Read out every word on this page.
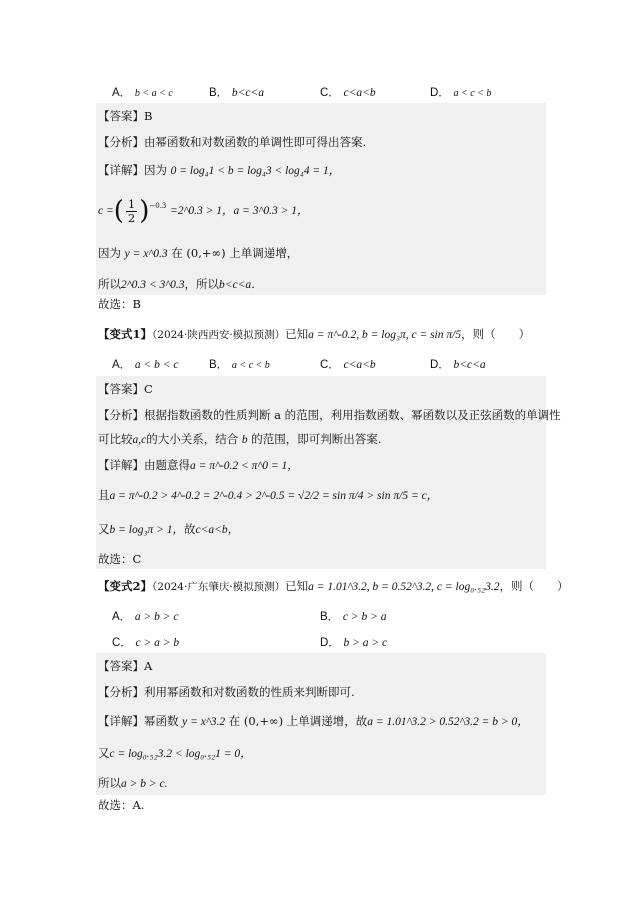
A． b < a < c	B． b<c<a	C． c<a<b	D． a < c < b
【答案】B
【分析】由幂函数和对数函数的单调性即可得出答案.
【详解】因为 0 = log₄1 < b = log₄3 < log₄4 = 1，
c =( $\frac{1}{2} )^{-0.3}$ =2^0.3 > 1，a = 3^0.3 > 1，
因为 y = x^0.3 在 (0,+∞) 上单调递增，
所以2^0.3 < 3^0.3，所以b<c<a．
故选：B
【变式1】（2024·陕西西安·模拟预测）已知a = π^-0.2, b = log₃π, c = sin π/5，则（　　）
A． a < b < c	B． a < c < b	C． c<a<b	D． b<c<a
【答案】C
【分析】根据指数函数的性质判断 a 的范围，利用指数函数、幂函数以及正弦函数的单调性
可比较a,c的大小关系，结合 b 的范围，即可判断出答案.
【详解】由题意得a = π^-0.2 < π^0 = 1，
且a = π^-0.2 > 4^-0.2 = 2^-0.4 > 2^-0.5 = √2/2 = sin π/4 > sin π/5 = c，
又b = log₃π > 1，故c<a<b，
故选：C
【变式2】（2024·广东肇庆·模拟预测）已知a = 1.01^3.2, b = 0.52^3.2, c = log₀.₅₂3.2，则（　　）
A． a > b > c	B． c > b > a
C． c > a > b	D． b > a > c
【答案】A
【分析】利用幂函数和对数函数的性质来判断即可.
【详解】幂函数 y = x^3.2 在 (0,+∞) 上单调递增，故a = 1.01^3.2 > 0.52^3.2 = b > 0，
又c = log₀.₅₂3.2 < log₀.₅₂1 = 0，
所以a > b > c.
故选：A.
